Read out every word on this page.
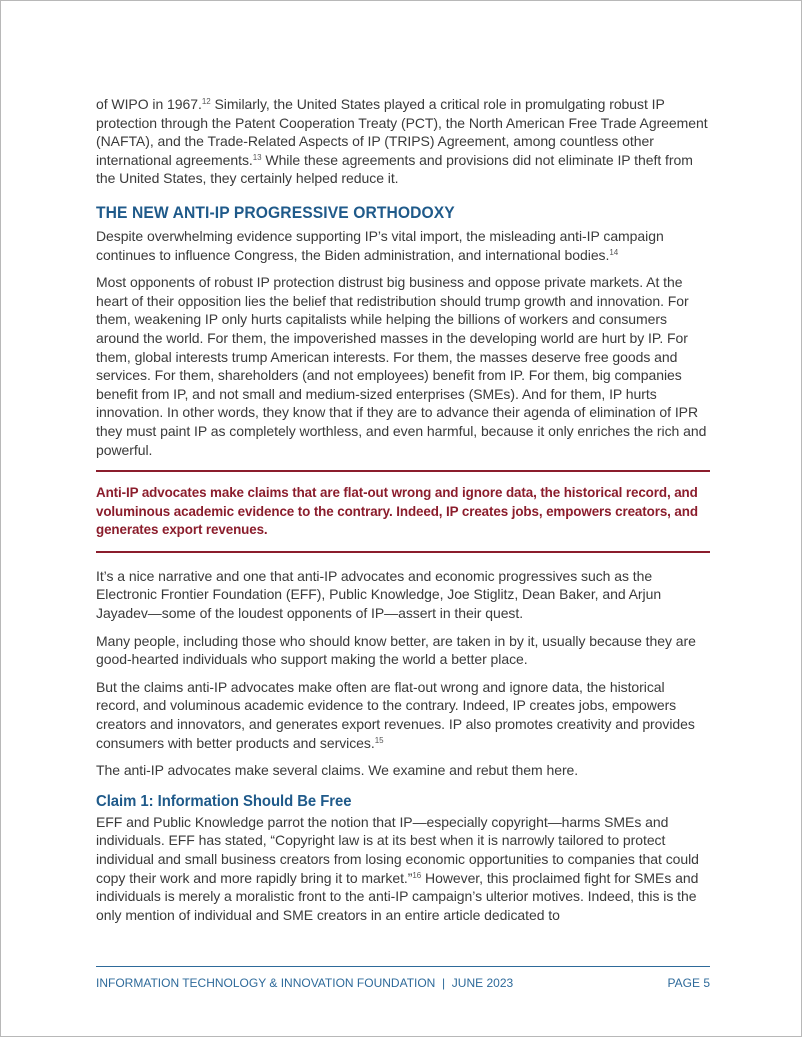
of WIPO in 1967.12 Similarly, the United States played a critical role in promulgating robust IP protection through the Patent Cooperation Treaty (PCT), the North American Free Trade Agreement (NAFTA), and the Trade-Related Aspects of IP (TRIPS) Agreement, among countless other international agreements.$^{13}$ While these agreements and provisions did not eliminate IP theft from the United States, they certainly helped reduce it.

THE NEW ANTI-IP PROGRESSIVE ORTHODOXY

Despite overwhelming evidence supporting IP’s vital import, the misleading anti-IP campaign continues to influence Congress, the Biden administration, and international bodies.$^{14}$

Most opponents of robust IP protection distrust big business and oppose private markets. At the heart of their opposition lies the belief that redistribution should trump growth and innovation. For them, weakening IP only hurts capitalists while helping the billions of workers and consumers around the world. For them, the impoverished masses in the developing world are hurt by IP. For them, global interests trump American interests. For them, the masses deserve free goods and services. For them, shareholders (and not employees) benefit from IP. For them, big companies benefit from IP, and not small and medium-sized enterprises (SMEs). And for them, IP hurts innovation. In other words, they know that if they are to advance their agenda of elimination of IPR they must paint IP as completely worthless, and even harmful, because it only enriches the rich and powerful.

Anti-IP advocates make claims that are flat-out wrong and ignore data, the historical record, and voluminous academic evidence to the contrary. Indeed, IP creates jobs, empowers creators, and generates export revenues.

It’s a nice narrative and one that anti-IP advocates and economic progressives such as the Electronic Frontier Foundation (EFF), Public Knowledge, Joe Stiglitz, Dean Baker, and Arjun Jayadev—some of the loudest opponents of IP—assert in their quest.

Many people, including those who should know better, are taken in by it, usually because they are good-hearted individuals who support making the world a better place.

But the claims anti-IP advocates make often are flat-out wrong and ignore data, the historical record, and voluminous academic evidence to the contrary. Indeed, IP creates jobs, empowers creators and innovators, and generates export revenues. IP also promotes creativity and provides consumers with better products and services.$^{15}$

The anti-IP advocates make several claims. We examine and rebut them here.

Claim 1: Information Should Be Free

EFF and Public Knowledge parrot the notion that IP—especially copyright—harms SMEs and individuals. EFF has stated, “Copyright law is at its best when it is narrowly tailored to protect individual and small business creators from losing economic opportunities to companies that could copy their work and more rapidly bring it to market.”$^{16}$ However, this proclaimed fight for SMEs and individuals is merely a moralistic front to the anti-IP campaign’s ulterior motives. Indeed, this is the only mention of individual and SME creators in an entire article dedicated to

INFORMATION TECHNOLOGY & INNOVATION FOUNDATION  |  JUNE 2023	PAGE 5
